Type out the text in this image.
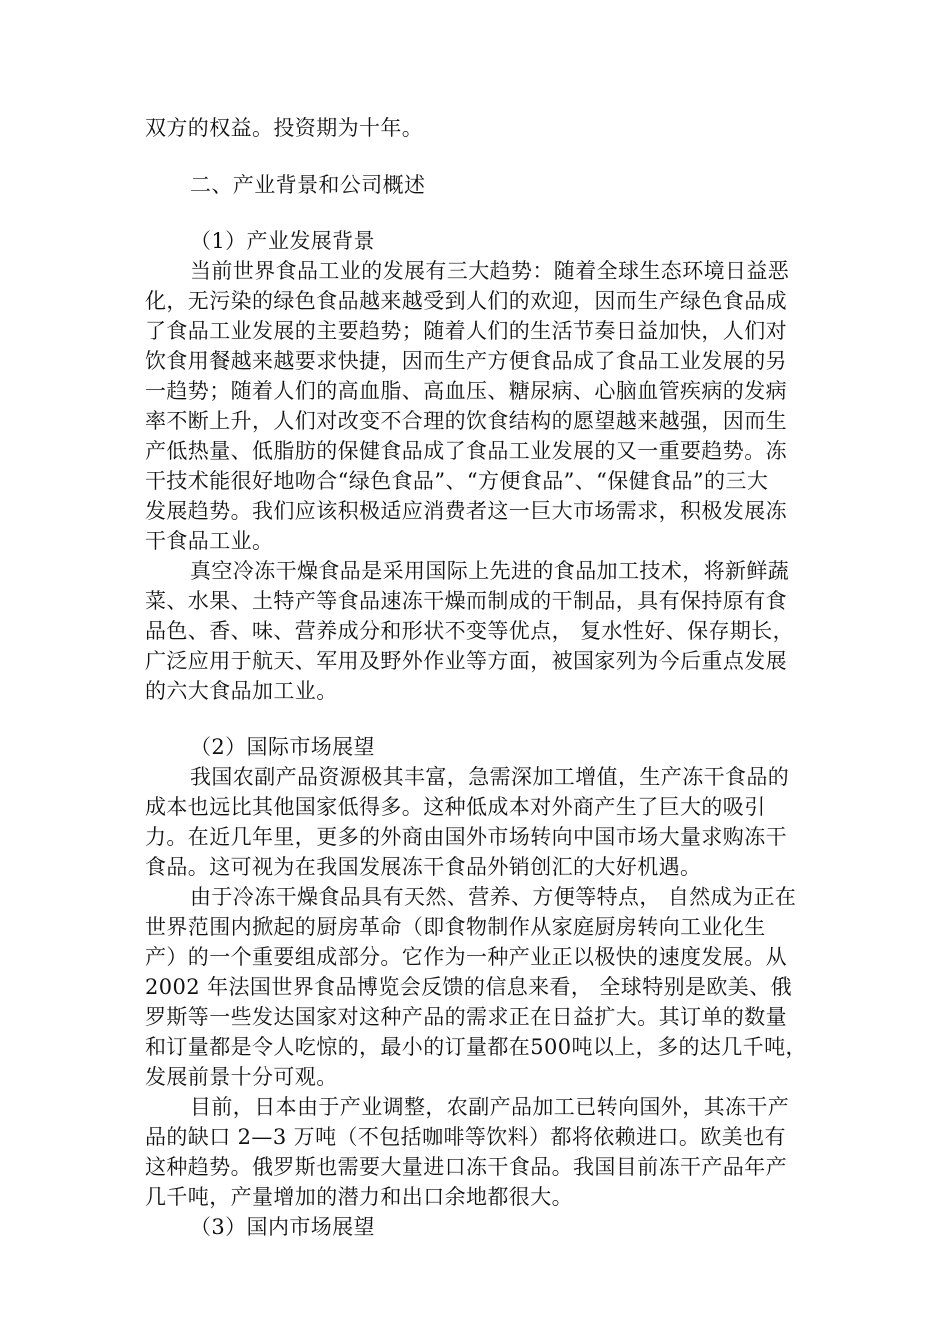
双方的权益。投资期为十年。
二、产业背景和公司概述
（1）产业发展背景
当前世界食品工业的发展有三大趋势：随着全球生态环境日益恶
化，无污染的绿色食品越来越受到人们的欢迎，因而生产绿色食品成
了食品工业发展的主要趋势；随着人们的生活节奏日益加快，人们对
饮食用餐越来越要求快捷，因而生产方便食品成了食品工业发展的另
一趋势；随着人们的高血脂、高血压、糖尿病、心脑血管疾病的发病
率不断上升，人们对改变不合理的饮食结构的愿望越来越强，因而生
产低热量、低脂肪的保健食品成了食品工业发展的又一重要趋势。冻
干技术能很好地吻合“绿色食品”、“方便食品”、“保健食品”的三大
发展趋势。我们应该积极适应消费者这一巨大市场需求，积极发展冻
干食品工业。
真空冷冻干燥食品是采用国际上先进的食品加工技术，将新鲜蔬
菜、水果、土特产等食品速冻干燥而制成的干制品，具有保持原有食
品色、香、味、营养成分和形状不变等优点， 复水性好、保存期长，
广泛应用于航天、军用及野外作业等方面，被国家列为今后重点发展
的六大食品加工业。
（2）国际市场展望
我国农副产品资源极其丰富，急需深加工增值，生产冻干食品的
成本也远比其他国家低得多。这种低成本对外商产生了巨大的吸引
力。在近几年里，更多的外商由国外市场转向中国市场大量求购冻干
食品。这可视为在我国发展冻干食品外销创汇的大好机遇。
由于冷冻干燥食品具有天然、营养、方便等特点， 自然成为正在
世界范围内掀起的厨房革命（即食物制作从家庭厨房转向工业化生
产）的一个重要组成部分。它作为一种产业正以极快的速度发展。从
2002 年法国世界食品博览会反馈的信息来看， 全球特别是欧美、俄
罗斯等一些发达国家对这种产品的需求正在日益扩大。其订单的数量
和订量都是令人吃惊的，最小的订量都在500吨以上，多的达几千吨，
发展前景十分可观。
目前，日本由于产业调整，农副产品加工已转向国外，其冻干产
品的缺口 2—3 万吨（不包括咖啡等饮料）都将依赖进口。欧美也有
这种趋势。俄罗斯也需要大量进口冻干食品。我国目前冻干产品年产
几千吨，产量增加的潜力和出口余地都很大。
（3）国内市场展望
